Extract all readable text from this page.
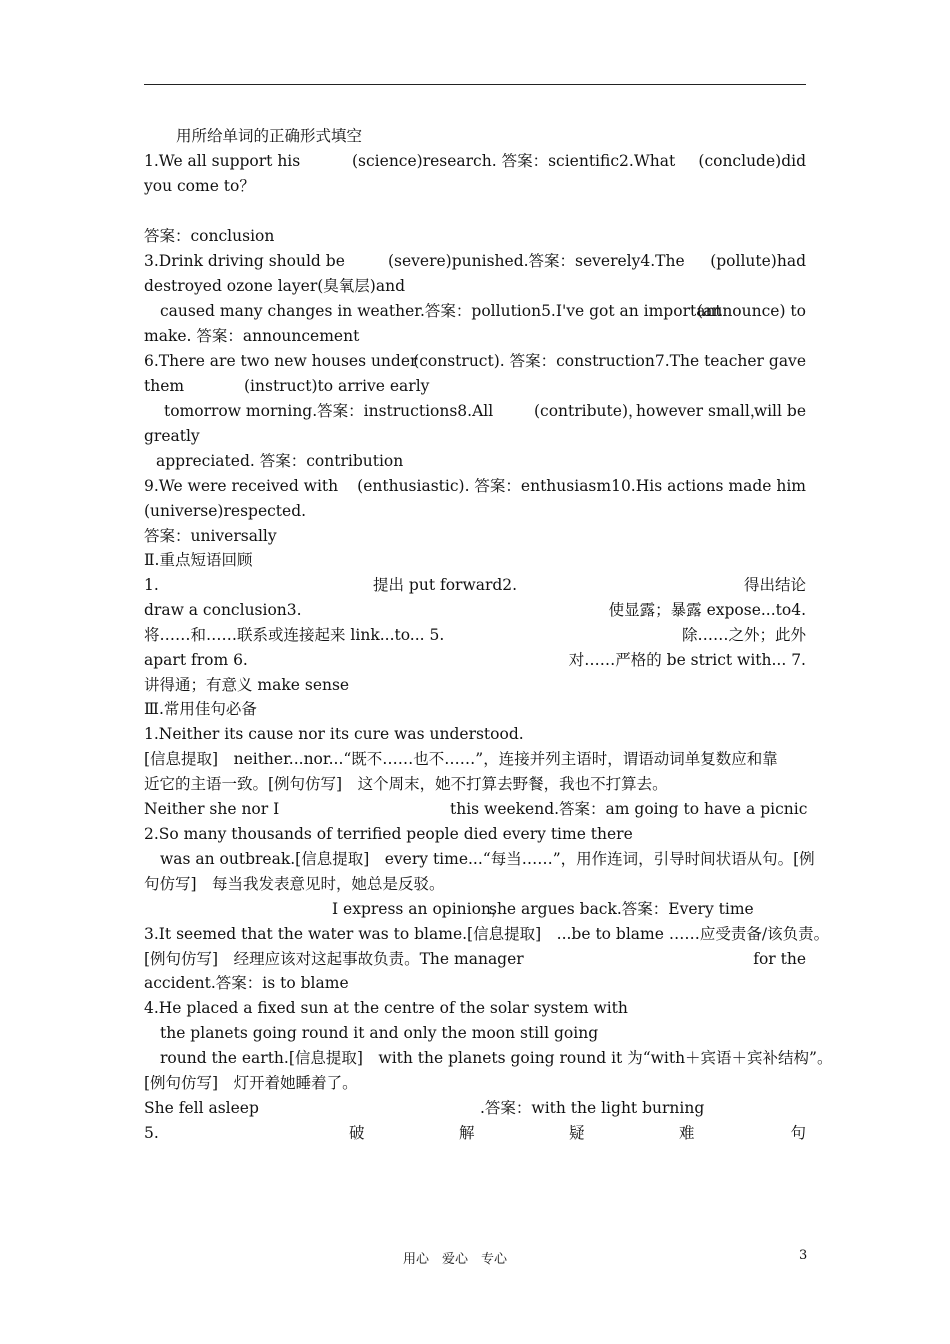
用所给单词的正确形式填空
1.We all support his	(science)research. 答案：scientific2.What (conclude)did
you come to？
答案：conclusion
3.Drink driving should be	(severe)punished.答案：severely4.The (pollute)had
destroyed ozone layer(臭氧层)and
caused many changes in weather.答案：pollution5.I've got an important
(announce) to
make. 答案：announcement
6.There are two new houses under
(construct). 答案：construction7.The teacher gave
them	(instruct)to arrive early
tomorrow morning.答案：instructions8.All	(contribute)，
however small，
will be
greatly
appreciated. 答案：contribution
9.We were received with (enthusiastic). 答案：enthusiasm10.His actions made him
(universe)respected.
答案：universally
Ⅱ.重点短语回顾
1.	提出 put forward2.	得出结论
draw a conclusion3.	使显露；暴露 expose...to4.
将……和……联系或连接起来 link...to... 5.	除……之外；此外
apart from 6.	对……严格的 be strict with... 7.
讲得通；有意义 make sense
Ⅲ.常用佳句必备
1.Neither its cause nor its cure was understood.
[信息提取]　neither...nor...“既不……也不……”，连接并列主语时，谓语动词单复数应和靠
近它的主语一致。[例句仿写]　这个周末，她不打算去野餐，我也不打算去。
Neither she nor I	this weekend.答案：am going to have a picnic
2.So many thousands of terrified people died every time there
was an outbreak.[信息提取]　every time...“每当……”，用作连词，引导时间状语从句。[例
句仿写]　每当我发表意见时，她总是反驳。
I express an opinion，
she argues back.答案：Every time
3.It seemed that the water was to blame.[信息提取]　...be to blame ……应受责备/该负责。
[例句仿写]　经理应该对这起事故负责。The manager	for the
accident.答案：is to blame
4.He placed a fixed sun at the centre of the solar system with
the planets going round it and only the moon still going
round the earth.[信息提取]　with the planets going round it 为“with＋宾语＋宾补结构”。
[例句仿写]　灯开着她睡着了。
She fell asleep	.答案：with the light burning
5.	破	解	疑	难	句
用心　爱心　专心	3
